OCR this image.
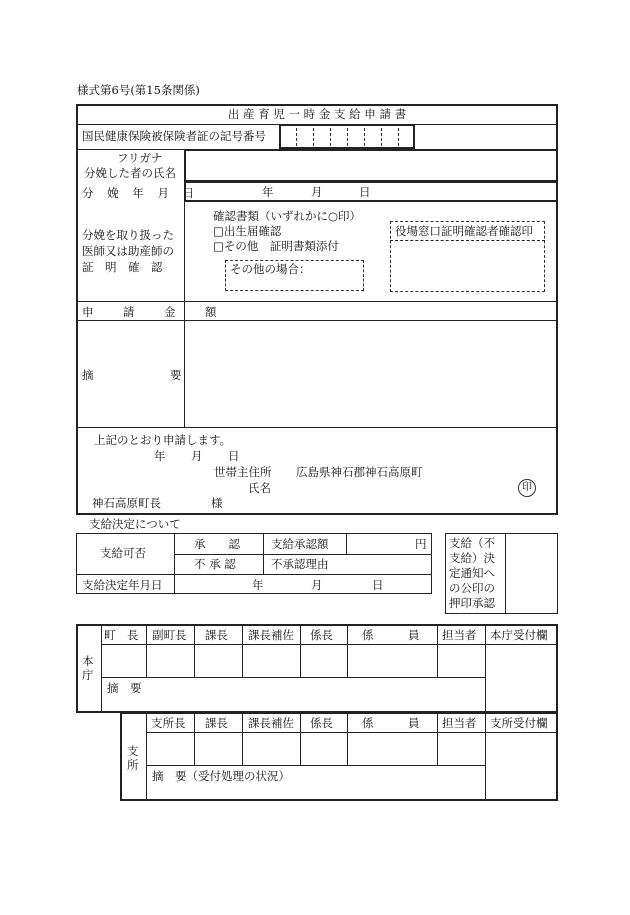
様式第6号(第15条関係)
出 産 育 児 一 時 金 支 給 申 請 書
国民健康保険被保険者証の記号番号
フリガナ
分娩した者の氏名
分 娩 年 月 日	年	月	日
分娩を取り扱った
医師又は助産師の
証　明　確　認
確認書類（いずれかに○印）
□出生届確認
□その他　証明書類添付
その他の場合：
役場窓口証明確認者確認印
申　請　金　額
摘	要
上記のとおり申請します。
年 月 日
世帯主住所 広島県神石郡神石高原町
氏名	印
神石高原町長	様
支給決定について
支給可否
承　　認	支給承認額	円
不 承 認	不承認理由
支給決定年月日	年	月	日
支給（不
支給）決
定通知へ
の公印の
押印承認
本
庁
町　長 副町長 課長 課長補佐 係長	係　　　員 担当者 本庁受付欄
摘　要
支
所
支所長 課長 課長補佐 係長	係　　　員 担当者 支所受付欄
摘　要（受付処理の状況）
